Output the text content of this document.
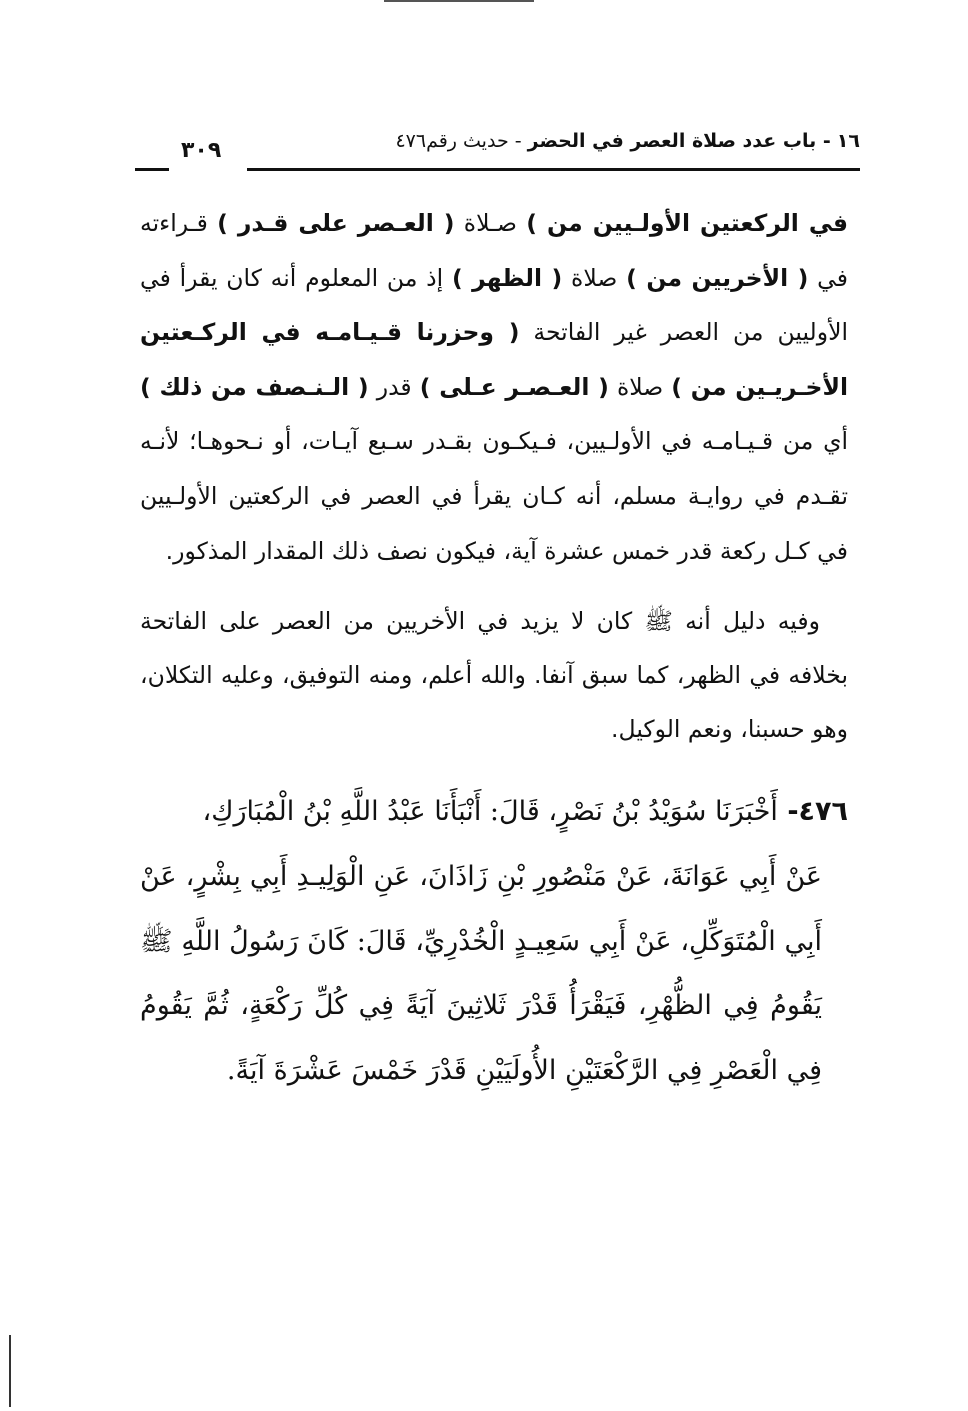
١٦ - باب عدد صلاة العصر في الحضر - حديث رقم٤٧٦
٣٠٩

في الركعتين الأولـيين من ) صـلاة ( العـصر على قـدر ) قـراءته في ( الأخريين من ) صلاة ( الظهر ) إذ من المعلوم أنه كان يقرأ في الأوليين من العصر غير الفاتحة ( وحزرنا قـيـامـه في الركـعتين الأخـريـين من ) صلاة ( العـصـر عـلى ) قدر ( الـنـصف من ذلك ) أي من قـيـامـه في الأولـيين، فـيكـون بقـدر سـبع آيـات، أو نـحوهـا؛ لأنـه تقـدم في روايـة مسلم، أنه كـان يقرأ في العصر في الركعتين الأولـيين في كـل ركعة قدر خمس عشرة آية، فيكون نصف ذلك المقدار المذكور.

وفيه دليل أنه ﷺ كان لا يزيد في الأخريين من العصر على الفاتحة بخلافه في الظهر، كما سبق آنفا. والله أعلم، ومنه التوفيق، وعليه التكلان، وهو حسبنا، ونعم الوكيل.

٤٧٦- أَخْبَرَنَا سُوَيْدُ بْنُ نَصْرٍ، قَالَ: أَنْبَأَنَا عَبْدُ اللَّهِ بْنُ الْمُبَارَكِ،

عَنْ أَبِي عَوَانَةَ، عَنْ مَنْصُورِ بْنِ زَاذَانَ، عَنِ الْوَلِيـدِ أَبِي بِشْرٍ، عَنْ أَبِي الْمُتَوَكِّلِ، عَنْ أَبِي سَعِيـدٍ الْخُدْرِيِّ، قَالَ: كَانَ رَسُولُ اللَّهِ ﷺ يَقُومُ فِي الظُّهْرِ، فَيَقْرَأُ قَدْرَ ثَلاثِينَ آيَةً فِي كُلِّ رَكْعَةٍ، ثُمَّ يَقُومُ فِي الْعَصْرِ فِي الرَّكْعَتَيْنِ الأُولَيَيْنِ قَدْرَ خَمْسَ عَشْرَةَ آيَةً.
